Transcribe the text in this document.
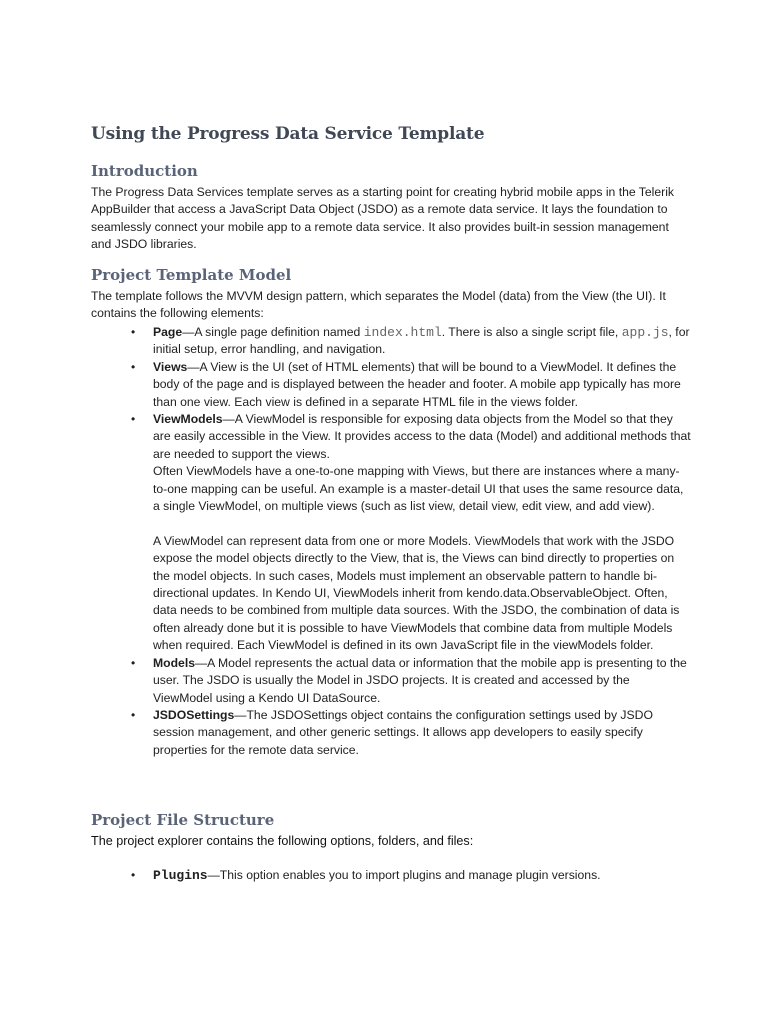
Using the Progress Data Service Template
Introduction

The Progress Data Services template serves as a starting point for creating hybrid mobile apps in the Telerik AppBuilder that access a JavaScript Data Object (JSDO) as a remote data service. It lays the foundation to seamlessly connect your mobile app to a remote data service. It also provides built-in session management and JSDO libraries.

Project Template Model

The template follows the MVVM design pattern, which separates the Model (data) from the View (the UI). It contains the following elements:

• Page—A single page definition named index.html. There is also a single script file, app.js, for initial setup, error handling, and navigation.
• Views—A View is the UI (set of HTML elements) that will be bound to a ViewModel. It defines the body of the page and is displayed between the header and footer. A mobile app typically has more than one view. Each view is defined in a separate HTML file in the views folder.
• ViewModels—A ViewModel is responsible for exposing data objects from the Model so that they are easily accessible in the View. It provides access to the data (Model) and additional methods that are needed to support the views.
Often ViewModels have a one-to-one mapping with Views, but there are instances where a many-to-one mapping can be useful. An example is a master-detail UI that uses the same resource data, a single ViewModel, on multiple views (such as list view, detail view, edit view, and add view).
A ViewModel can represent data from one or more Models. ViewModels that work with the JSDO expose the model objects directly to the View, that is, the Views can bind directly to properties on the model objects. In such cases, Models must implement an observable pattern to handle bi-directional updates. In Kendo UI, ViewModels inherit from kendo.data.ObservableObject. Often, data needs to be combined from multiple data sources. With the JSDO, the combination of data is often already done but it is possible to have ViewModels that combine data from multiple Models when required. Each ViewModel is defined in its own JavaScript file in the viewModels folder.
• Models—A Model represents the actual data or information that the mobile app is presenting to the user. The JSDO is usually the Model in JSDO projects. It is created and accessed by the ViewModel using a Kendo UI DataSource.
• JSDOSettings—The JSDOSettings object contains the configuration settings used by JSDO session management, and other generic settings. It allows app developers to easily specify properties for the remote data service.
Project File Structure

The project explorer contains the following options, folders, and files:

• Plugins—This option enables you to import plugins and manage plugin versions.
